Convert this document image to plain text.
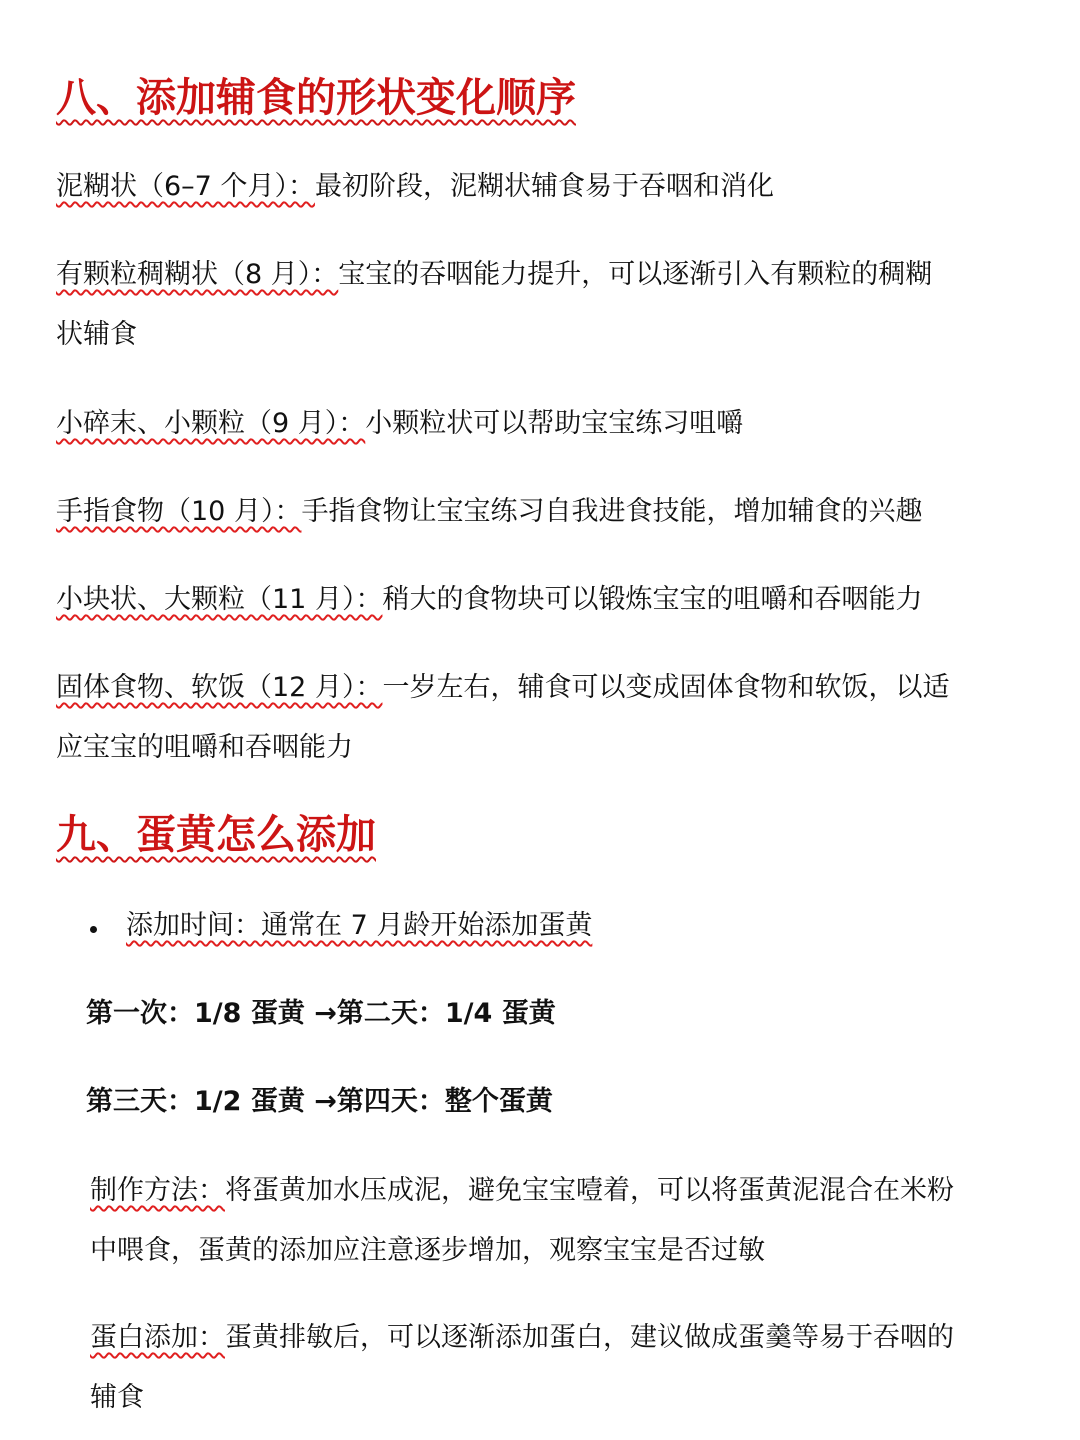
八、添加辅食的形状变化顺序
泥糊状（6–7 个月）：最初阶段，泥糊状辅食易于吞咽和消化
有颗粒稠糊状（8 月）：宝宝的吞咽能力提升，可以逐渐引入有颗粒的稠糊
状辅食
小碎末、小颗粒（9 月）：小颗粒状可以帮助宝宝练习咀嚼
手指食物（10 月）：手指食物让宝宝练习自我进食技能，增加辅食的兴趣
小块状、大颗粒（11 月）：稍大的食物块可以锻炼宝宝的咀嚼和吞咽能力
固体食物、软饭（12 月）：一岁左右，辅食可以变成固体食物和软饭，以适
应宝宝的咀嚼和吞咽能力
九、蛋黄怎么添加
添加时间：通常在 7 月龄开始添加蛋黄
第一次：1/8 蛋黄 →第二天：1/4 蛋黄
第三天：1/2 蛋黄 →第四天：整个蛋黄
制作方法：将蛋黄加水压成泥，避免宝宝噎着，可以将蛋黄泥混合在米粉
中喂食，蛋黄的添加应注意逐步增加，观察宝宝是否过敏
蛋白添加：蛋黄排敏后，可以逐渐添加蛋白，建议做成蛋羹等易于吞咽的
辅食
